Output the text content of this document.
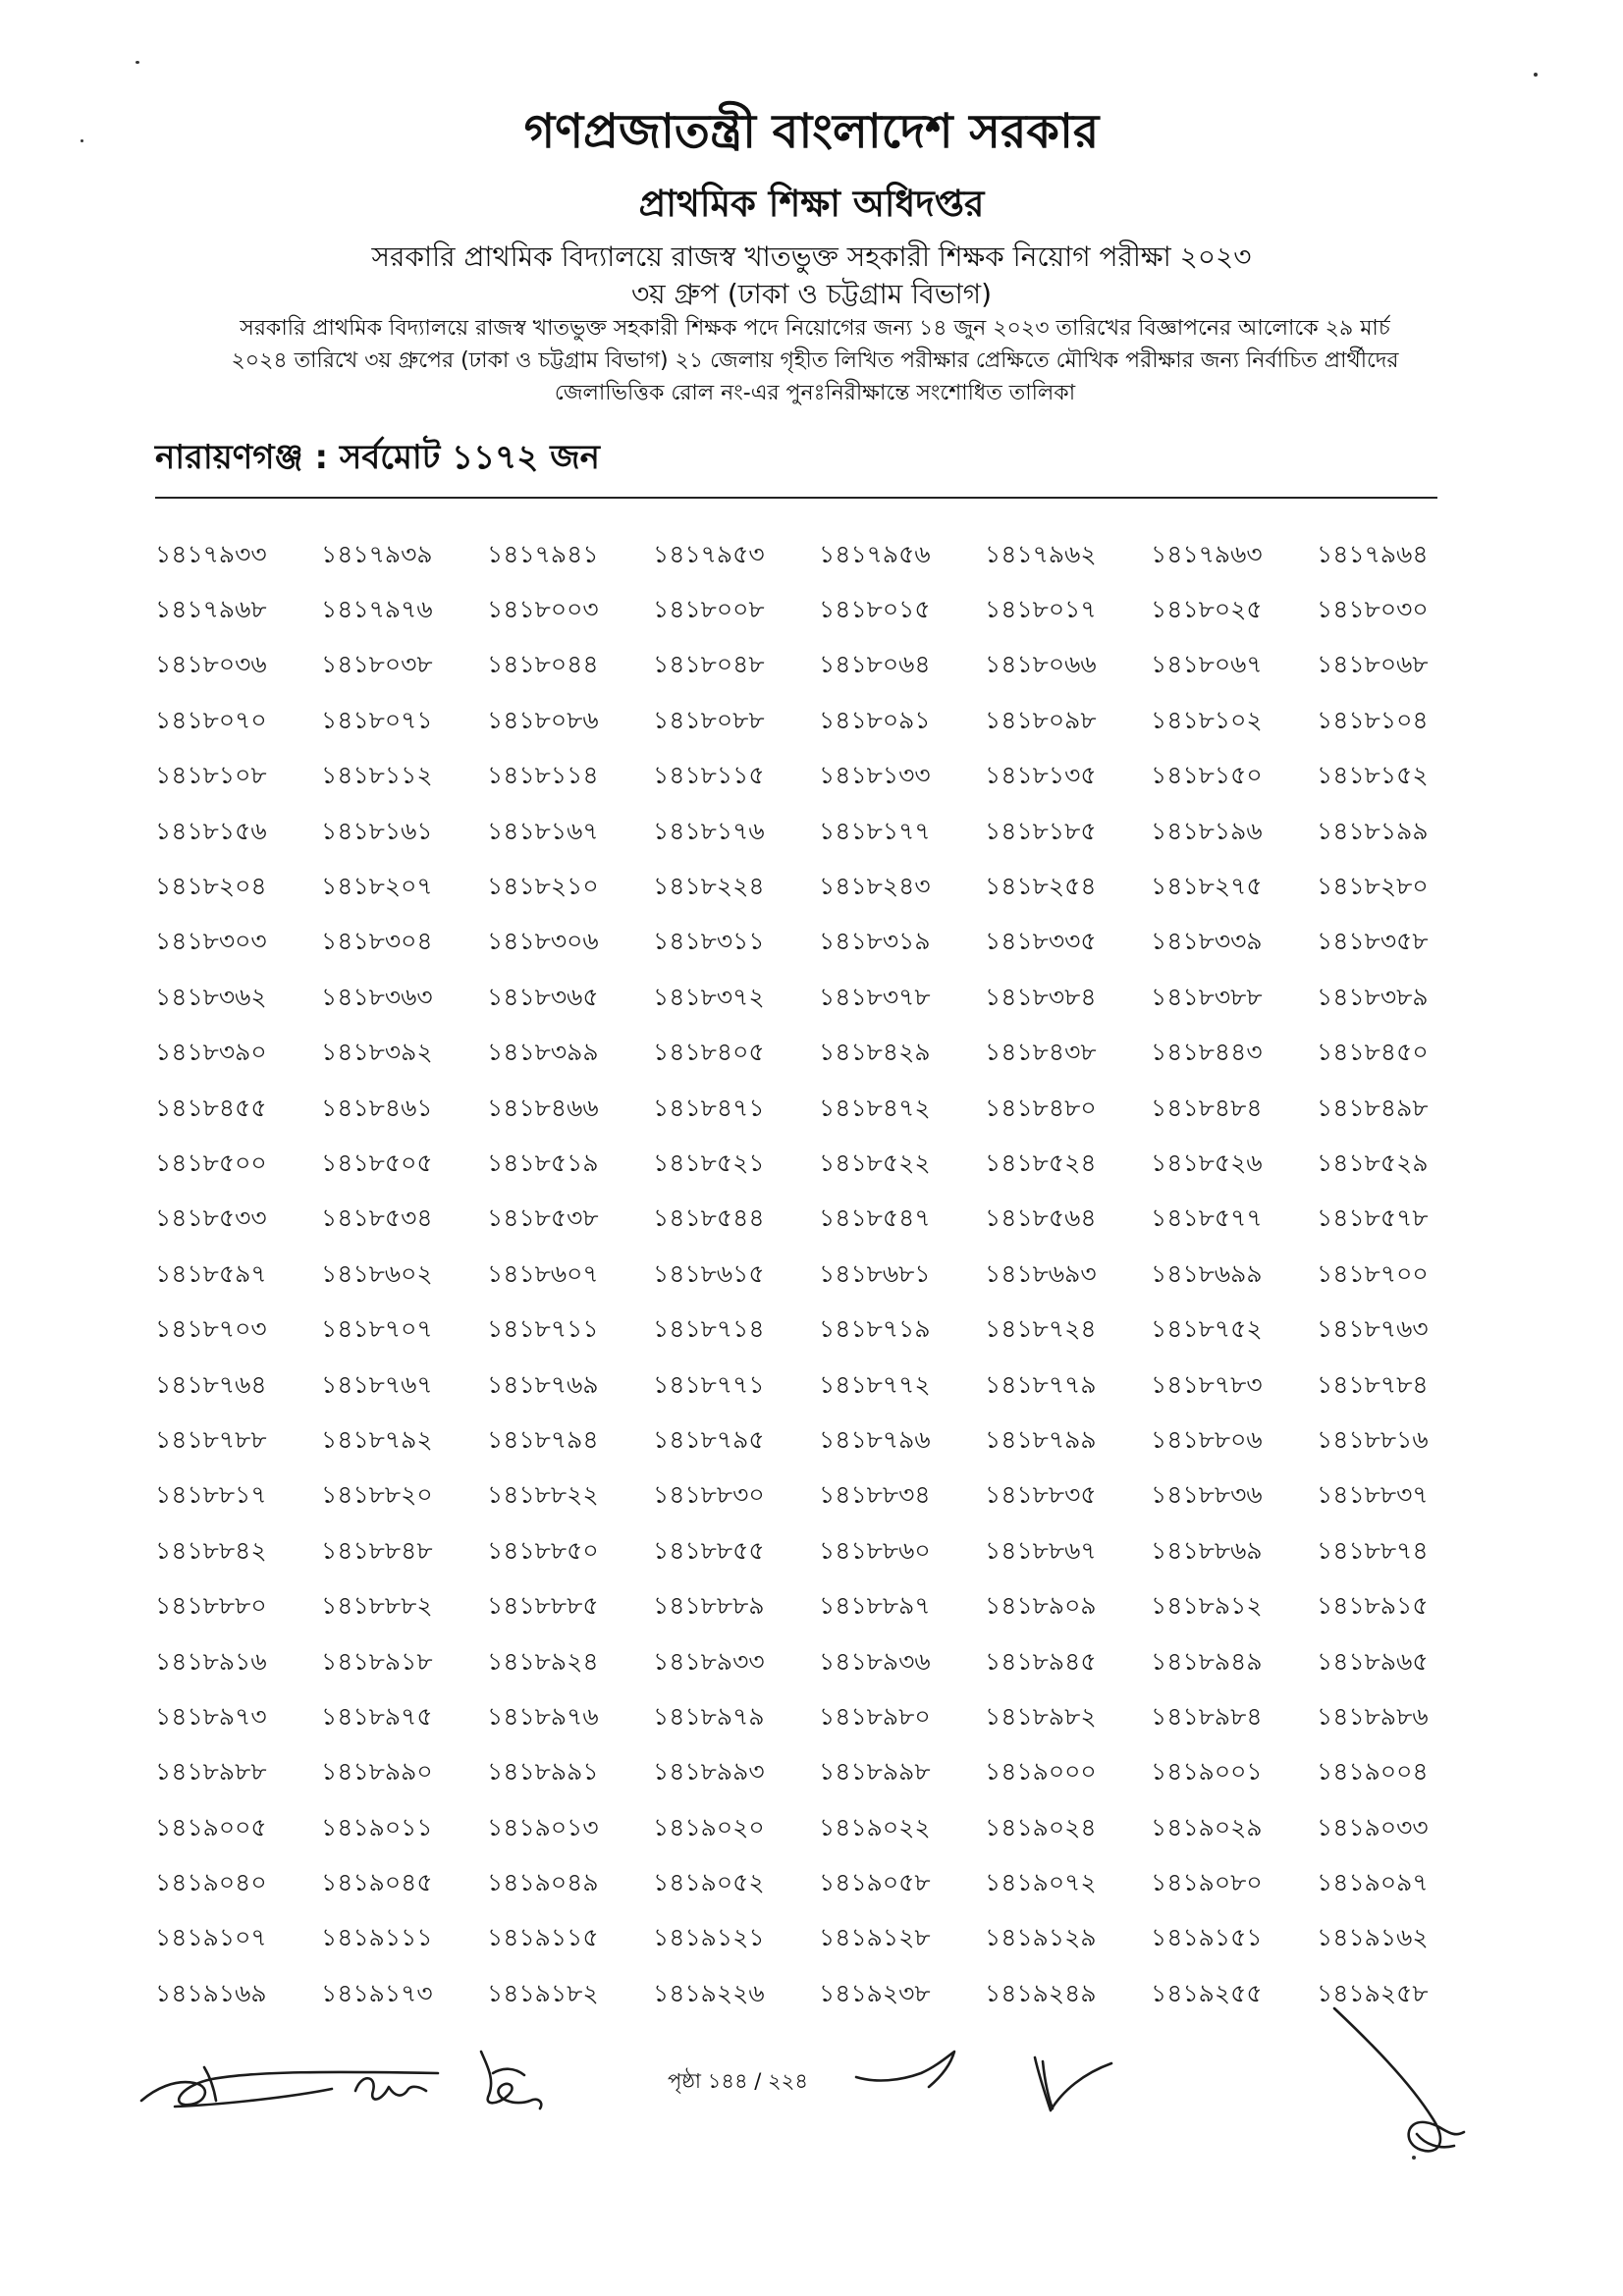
গণপ্রজাতন্ত্রী বাংলাদেশ সরকার
প্রাথমিক শিক্ষা অধিদপ্তর
সরকারি প্রাথমিক বিদ্যালয়ে রাজস্ব খাতভুক্ত সহকারী শিক্ষক নিয়োগ পরীক্ষা ২০২৩
৩য় গ্রুপ (ঢাকা ও চট্টগ্রাম বিভাগ)
সরকারি প্রাথমিক বিদ্যালয়ে রাজস্ব খাতভুক্ত সহকারী শিক্ষক পদে নিয়োগের জন্য ১৪ জুন ২০২৩ তারিখের বিজ্ঞাপনের আলোকে ২৯ মার্চ
২০২৪ তারিখে ৩য় গ্রুপের (ঢাকা ও চট্টগ্রাম বিভাগ) ২১ জেলায় গৃহীত লিখিত পরীক্ষার প্রেক্ষিতে মৌখিক পরীক্ষার জন্য নির্বাচিত প্রার্থীদের
জেলাভিত্তিক রোল নং-এর পুনঃনিরীক্ষান্তে সংশোধিত তালিকা
নারায়ণগঞ্জ : সর্বমোট ১১৭২ জন
১৪১৭৯৩৩	১৪১৭৯৩৯	১৪১৭৯৪১	১৪১৭৯৫৩	১৪১৭৯৫৬	১৪১৭৯৬২	১৪১৭৯৬৩	১৪১৭৯৬৪
১৪১৭৯৬৮	১৪১৭৯৭৬	১৪১৮০০৩	১৪১৮০০৮	১৪১৮০১৫	১৪১৮০১৭	১৪১৮০২৫	১৪১৮০৩০
১৪১৮০৩৬	১৪১৮০৩৮	১৪১৮০৪৪	১৪১৮০৪৮	১৪১৮০৬৪	১৪১৮০৬৬	১৪১৮০৬৭	১৪১৮০৬৮
১৪১৮০৭০	১৪১৮০৭১	১৪১৮০৮৬	১৪১৮০৮৮	১৪১৮০৯১	১৪১৮০৯৮	১৪১৮১০২	১৪১৮১০৪
১৪১৮১০৮	১৪১৮১১২	১৪১৮১১৪	১৪১৮১১৫	১৪১৮১৩৩	১৪১৮১৩৫	১৪১৮১৫০	১৪১৮১৫২
১৪১৮১৫৬	১৪১৮১৬১	১৪১৮১৬৭	১৪১৮১৭৬	১৪১৮১৭৭	১৪১৮১৮৫	১৪১৮১৯৬	১৪১৮১৯৯
১৪১৮২০৪	১৪১৮২০৭	১৪১৮২১০	১৪১৮২২৪	১৪১৮২৪৩	১৪১৮২৫৪	১৪১৮২৭৫	১৪১৮২৮০
১৪১৮৩০৩	১৪১৮৩০৪	১৪১৮৩০৬	১৪১৮৩১১	১৪১৮৩১৯	১৪১৮৩৩৫	১৪১৮৩৩৯	১৪১৮৩৫৮
১৪১৮৩৬২	১৪১৮৩৬৩	১৪১৮৩৬৫	১৪১৮৩৭২	১৪১৮৩৭৮	১৪১৮৩৮৪	১৪১৮৩৮৮	১৪১৮৩৮৯
১৪১৮৩৯০	১৪১৮৩৯২	১৪১৮৩৯৯	১৪১৮৪০৫	১৪১৮৪২৯	১৪১৮৪৩৮	১৪১৮৪৪৩	১৪১৮৪৫০
১৪১৮৪৫৫	১৪১৮৪৬১	১৪১৮৪৬৬	১৪১৮৪৭১	১৪১৮৪৭২	১৪১৮৪৮০	১৪১৮৪৮৪	১৪১৮৪৯৮
১৪১৮৫০০	১৪১৮৫০৫	১৪১৮৫১৯	১৪১৮৫২১	১৪১৮৫২২	১৪১৮৫২৪	১৪১৮৫২৬	১৪১৮৫২৯
১৪১৮৫৩৩	১৪১৮৫৩৪	১৪১৮৫৩৮	১৪১৮৫৪৪	১৪১৮৫৪৭	১৪১৮৫৬৪	১৪১৮৫৭৭	১৪১৮৫৭৮
১৪১৮৫৯৭	১৪১৮৬০২	১৪১৮৬০৭	১৪১৮৬১৫	১৪১৮৬৮১	১৪১৮৬৯৩	১৪১৮৬৯৯	১৪১৮৭০০
১৪১৮৭০৩	১৪১৮৭০৭	১৪১৮৭১১	১৪১৮৭১৪	১৪১৮৭১৯	১৪১৮৭২৪	১৪১৮৭৫২	১৪১৮৭৬৩
১৪১৮৭৬৪	১৪১৮৭৬৭	১৪১৮৭৬৯	১৪১৮৭৭১	১৪১৮৭৭২	১৪১৮৭৭৯	১৪১৮৭৮৩	১৪১৮৭৮৪
১৪১৮৭৮৮	১৪১৮৭৯২	১৪১৮৭৯৪	১৪১৮৭৯৫	১৪১৮৭৯৬	১৪১৮৭৯৯	১৪১৮৮০৬	১৪১৮৮১৬
১৪১৮৮১৭	১৪১৮৮২০	১৪১৮৮২২	১৪১৮৮৩০	১৪১৮৮৩৪	১৪১৮৮৩৫	১৪১৮৮৩৬	১৪১৮৮৩৭
১৪১৮৮৪২	১৪১৮৮৪৮	১৪১৮৮৫০	১৪১৮৮৫৫	১৪১৮৮৬০	১৪১৮৮৬৭	১৪১৮৮৬৯	১৪১৮৮৭৪
১৪১৮৮৮০	১৪১৮৮৮২	১৪১৮৮৮৫	১৪১৮৮৮৯	১৪১৮৮৯৭	১৪১৮৯০৯	১৪১৮৯১২	১৪১৮৯১৫
১৪১৮৯১৬	১৪১৮৯১৮	১৪১৮৯২৪	১৪১৮৯৩৩	১৪১৮৯৩৬	১৪১৮৯৪৫	১৪১৮৯৪৯	১৪১৮৯৬৫
১৪১৮৯৭৩	১৪১৮৯৭৫	১৪১৮৯৭৬	১৪১৮৯৭৯	১৪১৮৯৮০	১৪১৮৯৮২	১৪১৮৯৮৪	১৪১৮৯৮৬
১৪১৮৯৮৮	১৪১৮৯৯০	১৪১৮৯৯১	১৪১৮৯৯৩	১৪১৮৯৯৮	১৪১৯০০০	১৪১৯০০১	১৪১৯০০৪
১৪১৯০০৫	১৪১৯০১১	১৪১৯০১৩	১৪১৯০২০	১৪১৯০২২	১৪১৯০২৪	১৪১৯০২৯	১৪১৯০৩৩
১৪১৯০৪০	১৪১৯০৪৫	১৪১৯০৪৯	১৪১৯০৫২	১৪১৯০৫৮	১৪১৯০৭২	১৪১৯০৮০	১৪১৯০৯৭
১৪১৯১০৭	১৪১৯১১১	১৪১৯১১৫	১৪১৯১২১	১৪১৯১২৮	১৪১৯১২৯	১৪১৯১৫১	১৪১৯১৬২
১৪১৯১৬৯	১৪১৯১৭৩	১৪১৯১৮২	১৪১৯২২৬	১৪১৯২৩৮	১৪১৯২৪৯	১৪১৯২৫৫	১৪১৯২৫৮
পৃষ্ঠা ১৪৪ / ২২৪
